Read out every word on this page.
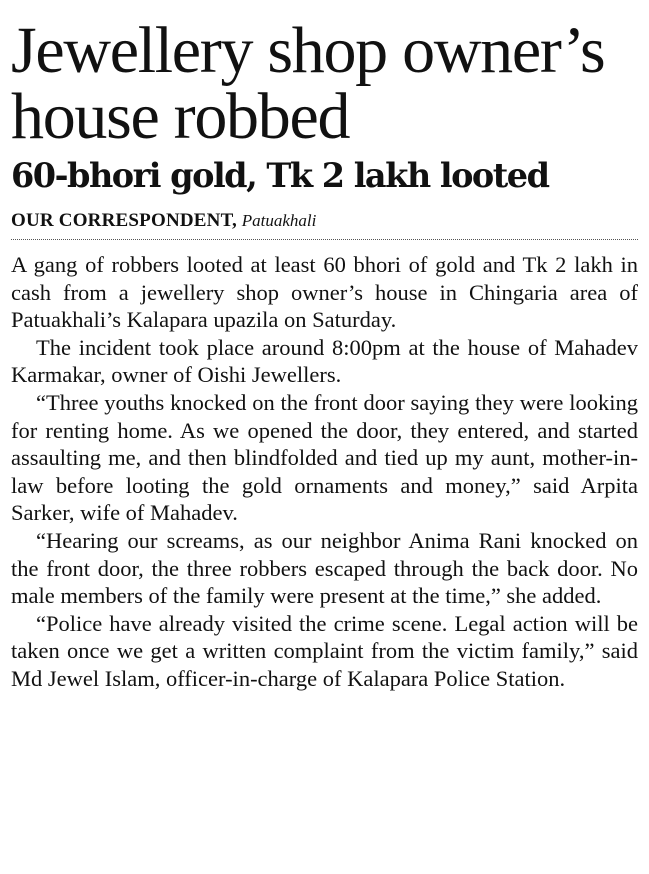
Jewellery shop owner’s house robbed
60-bhori gold, Tk 2 lakh looted
OUR CORRESPONDENT, Patuakhali

A gang of robbers looted at least 60 bhori of gold and Tk 2 lakh in cash from a jewellery shop owner’s house in Chingaria area of Patuakhali’s Kalapara upazila on Saturday.

The incident took place around 8:00pm at the house of Mahadev Karmakar, owner of Oishi Jewellers.

“Three youths knocked on the front door saying they were looking for renting home. As we opened the door, they entered, and started assaulting me, and then blindfolded and tied up my aunt, mother-in-law before looting the gold ornaments and money,” said Arpita Sarker, wife of Mahadev.

“Hearing our screams, as our neighbor Anima Rani knocked on the front door, the three robbers escaped through the back door. No male members of the family were present at the time,” she added.

“Police have already visited the crime scene. Legal action will be taken once we get a written complaint from the victim family,” said Md Jewel Islam, officer-in-charge of Kalapara Police Station.
